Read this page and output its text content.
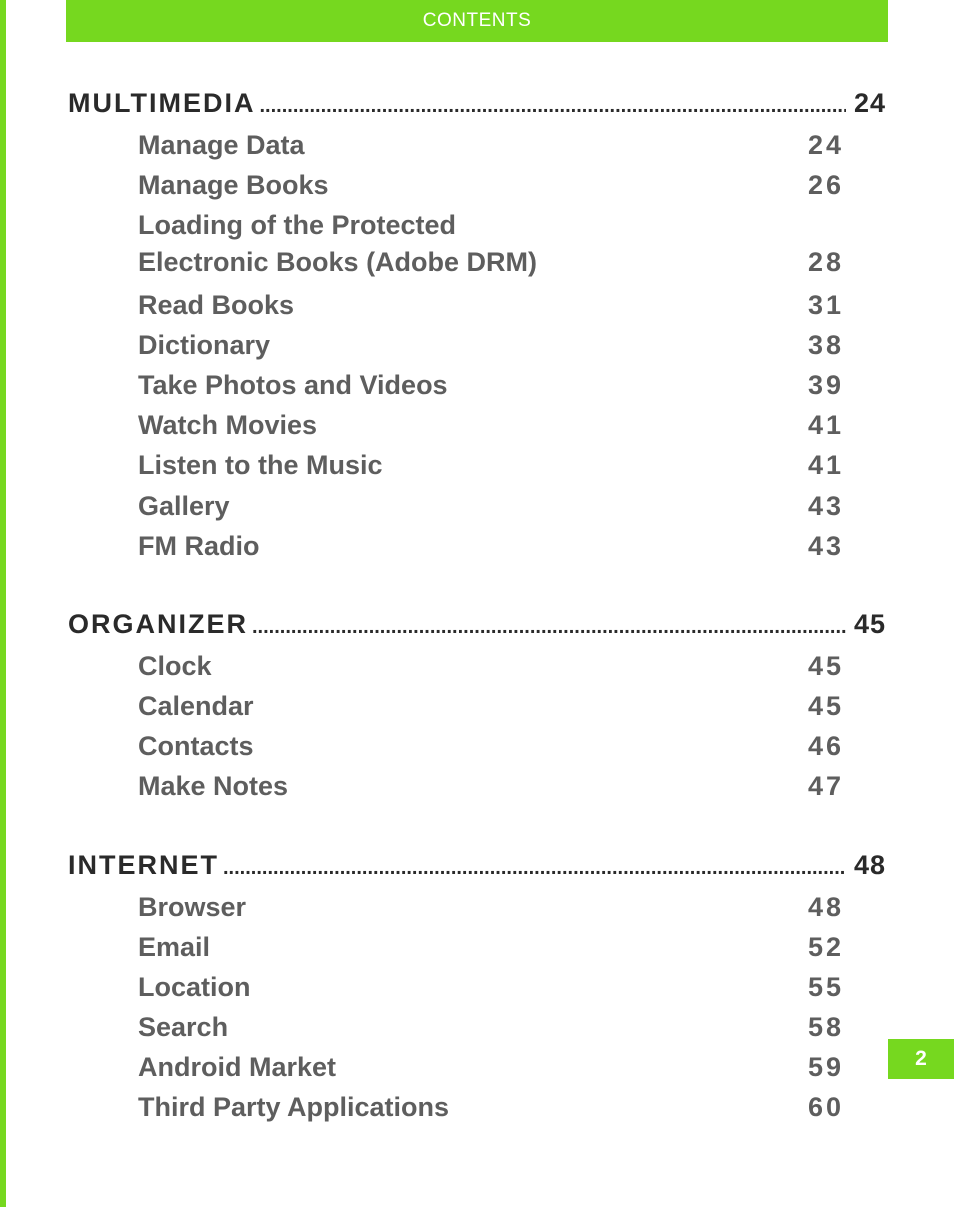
CONTENTS
MULTIMEDIA .....	24
Manage Data	24
Manage Books	26
Loading of the Protected
Electronic Books (Adobe DRM)	28
Read Books	31
Dictionary	38
Take Photos and Videos	39
Watch Movies	41
Listen to the Music	41
Gallery	43
FM Radio	43
ORGANIZER .....	45
Clock	45
Calendar	45
Contacts	46
Make Notes	47
INTERNET .....	48
Browser	48
Email	52
Location	55
Search	58
Android Market	59
Third Party Applications	60
2
